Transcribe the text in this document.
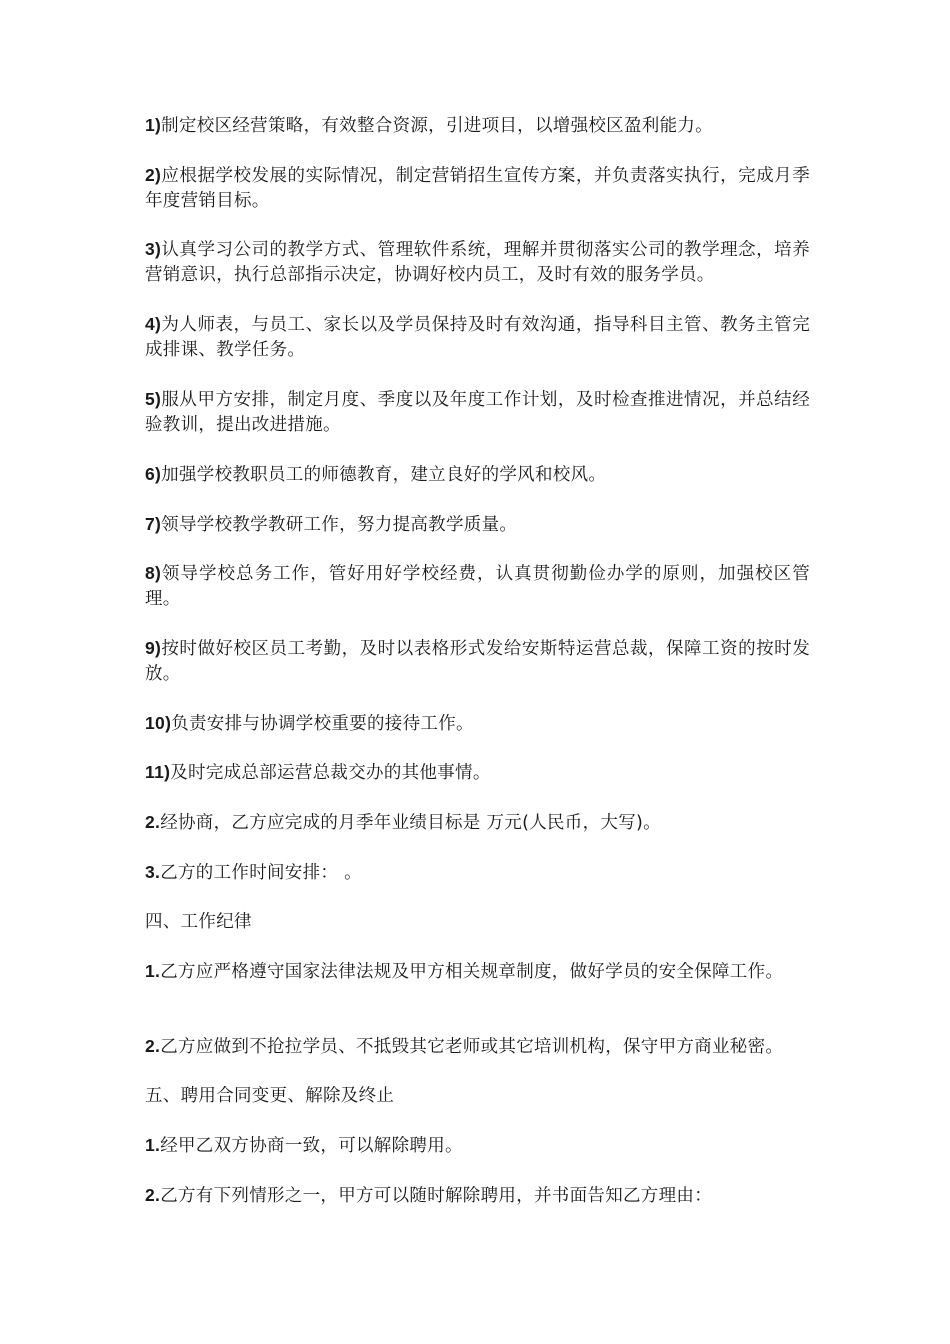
1)制定校区经营策略，有效整合资源，引进项目，以增强校区盈利能力。

2)应根据学校发展的实际情况，制定营销招生宣传方案，并负责落实执行，完成月季年度营销目标。

3)认真学习公司的教学方式、管理软件系统，理解并贯彻落实公司的教学理念，培养营销意识，执行总部指示决定，协调好校内员工，及时有效的服务学员。

4)为人师表，与员工、家长以及学员保持及时有效沟通，指导科目主管、教务主管完成排课、教学任务。

5)服从甲方安排，制定月度、季度以及年度工作计划，及时检查推进情况，并总结经验教训，提出改进措施。

6)加强学校教职员工的师德教育，建立良好的学风和校风。

7)领导学校教学教研工作，努力提高教学质量。

8)领导学校总务工作，管好用好学校经费，认真贯彻勤俭办学的原则，加强校区管理。

9)按时做好校区员工考勤，及时以表格形式发给安斯特运营总裁，保障工资的按时发放。

10)负责安排与协调学校重要的接待工作。

11)及时完成总部运营总裁交办的其他事情。

2.经协商，乙方应完成的月季年业绩目标是 万元(人民币，大写)。

3.乙方的工作时间安排： 。

四、工作纪律

1.乙方应严格遵守国家法律法规及甲方相关规章制度，做好学员的安全保障工作。

2.乙方应做到不抢拉学员、不抵毁其它老师或其它培训机构，保守甲方商业秘密。

五、聘用合同变更、解除及终止

1.经甲乙双方协商一致，可以解除聘用。

2.乙方有下列情形之一，甲方可以随时解除聘用，并书面告知乙方理由：
